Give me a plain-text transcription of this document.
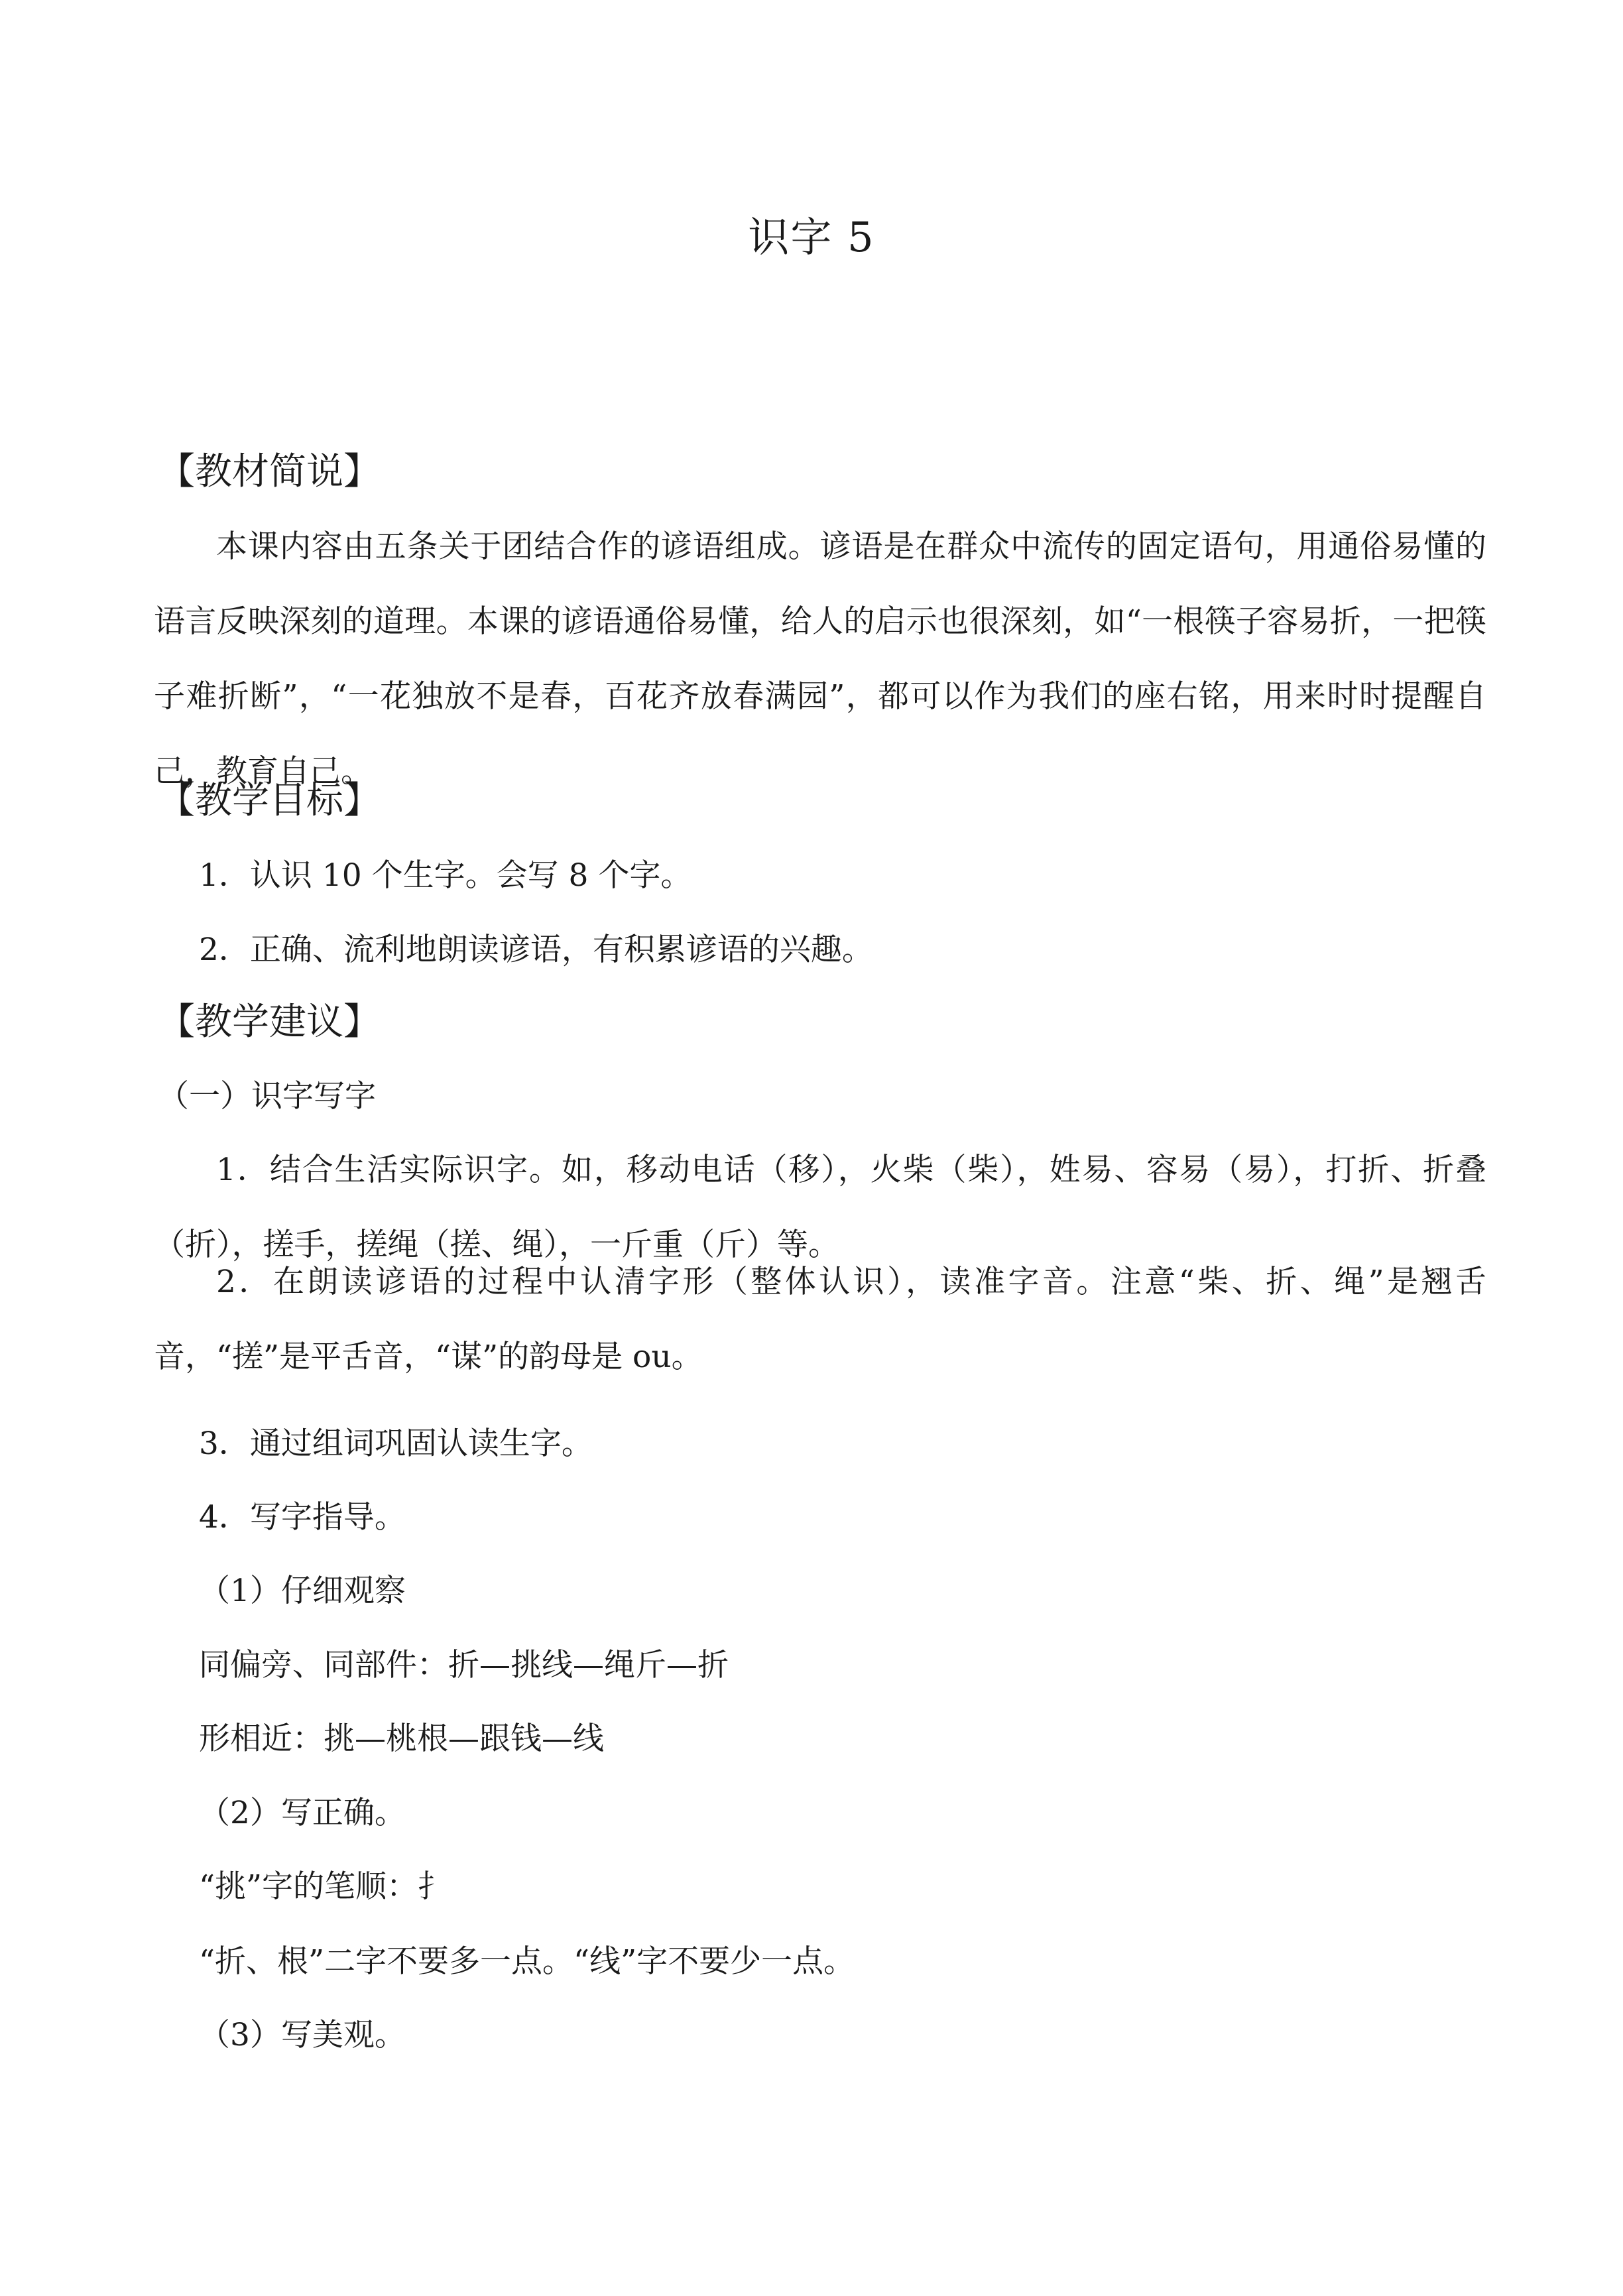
识字 5
【教材简说】
本课内容由五条关于团结合作的谚语组成。谚语是在群众中流传的固定语句，用通俗易懂的语言反映深刻的道理。本课的谚语通俗易懂，给人的启示也很深刻，如“一根筷子容易折，一把筷子难折断”，“一花独放不是春，百花齐放春满园”，都可以作为我们的座右铭，用来时时提醒自己，教育自己。
【教学目标】
1．认识 10 个生字。会写 8 个字。
2．正确、流利地朗读谚语，有积累谚语的兴趣。
【教学建议】
（一）识字写字
1．结合生活实际识字。如，移动电话（移），火柴（柴），姓易、容易（易），打折、折叠（折），搓手，搓绳（搓、绳），一斤重（斤）等。
2．在朗读谚语的过程中认清字形（整体认识），读准字音。注意“柴、折、绳”是翘舌音，“搓”是平舌音，“谋”的韵母是 ou。
3．通过组词巩固认读生字。
4．写字指导。
（1）仔细观察
同偏旁、同部件：折—挑线—绳斤—折
形相近：挑—桃根—跟钱—线
（2）写正确。
“挑”字的笔顺：扌
“折、根”二字不要多一点。“线”字不要少一点。
（3）写美观。
